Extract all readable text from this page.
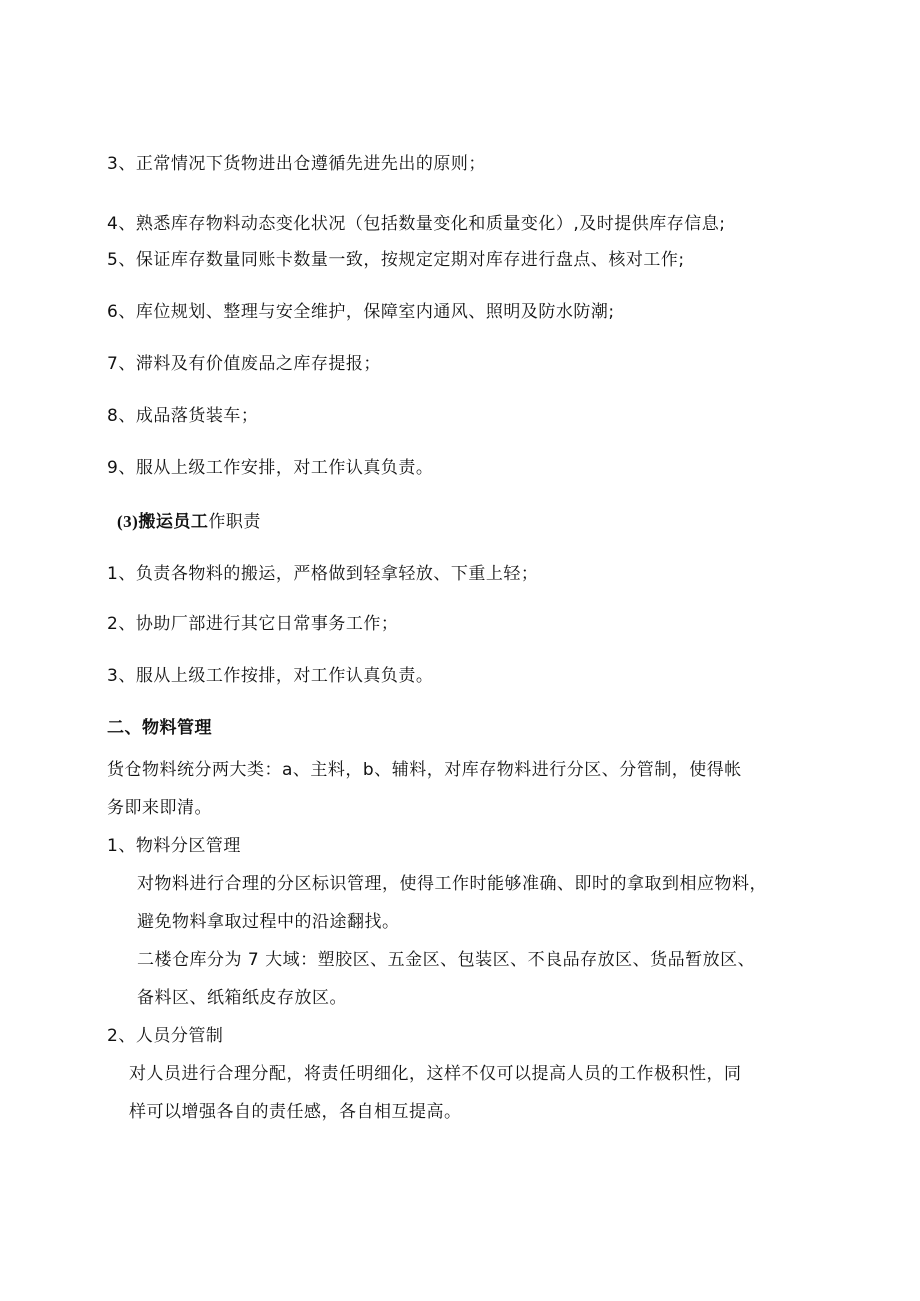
3、正常情况下货物进出仓遵循先进先出的原则；
4、熟悉库存物料动态变化状况（包括数量变化和质量变化）,及时提供库存信息;
5、保证库存数量同账卡数量一致，按规定定期对库存进行盘点、核对工作;
6、库位规划、整理与安全维护，保障室内通风、照明及防水防潮;
7、滞料及有价值废品之库存提报；
8、成品落货装车；
9、服从上级工作安排，对工作认真负责。
(3)搬运员工作职责
1、负责各物料的搬运，严格做到轻拿轻放、下重上轻；
2、协助厂部进行其它日常事务工作；
3、服从上级工作按排，对工作认真负责。
二、物料管理
货仓物料统分两大类：a、主料，b、辅料，对库存物料进行分区、分管制，使得帐
务即来即清。
1、物料分区管理
对物料进行合理的分区标识管理，使得工作时能够准确、即时的拿取到相应物料，
避免物料拿取过程中的沿途翻找。
二楼仓库分为 7 大域：塑胶区、五金区、包装区、不良品存放区、货品暂放区、
备料区、纸箱纸皮存放区。
2、人员分管制
对人员进行合理分配，将责任明细化，这样不仅可以提高人员的工作极积性，同
样可以增强各自的责任感，各自相互提高。
